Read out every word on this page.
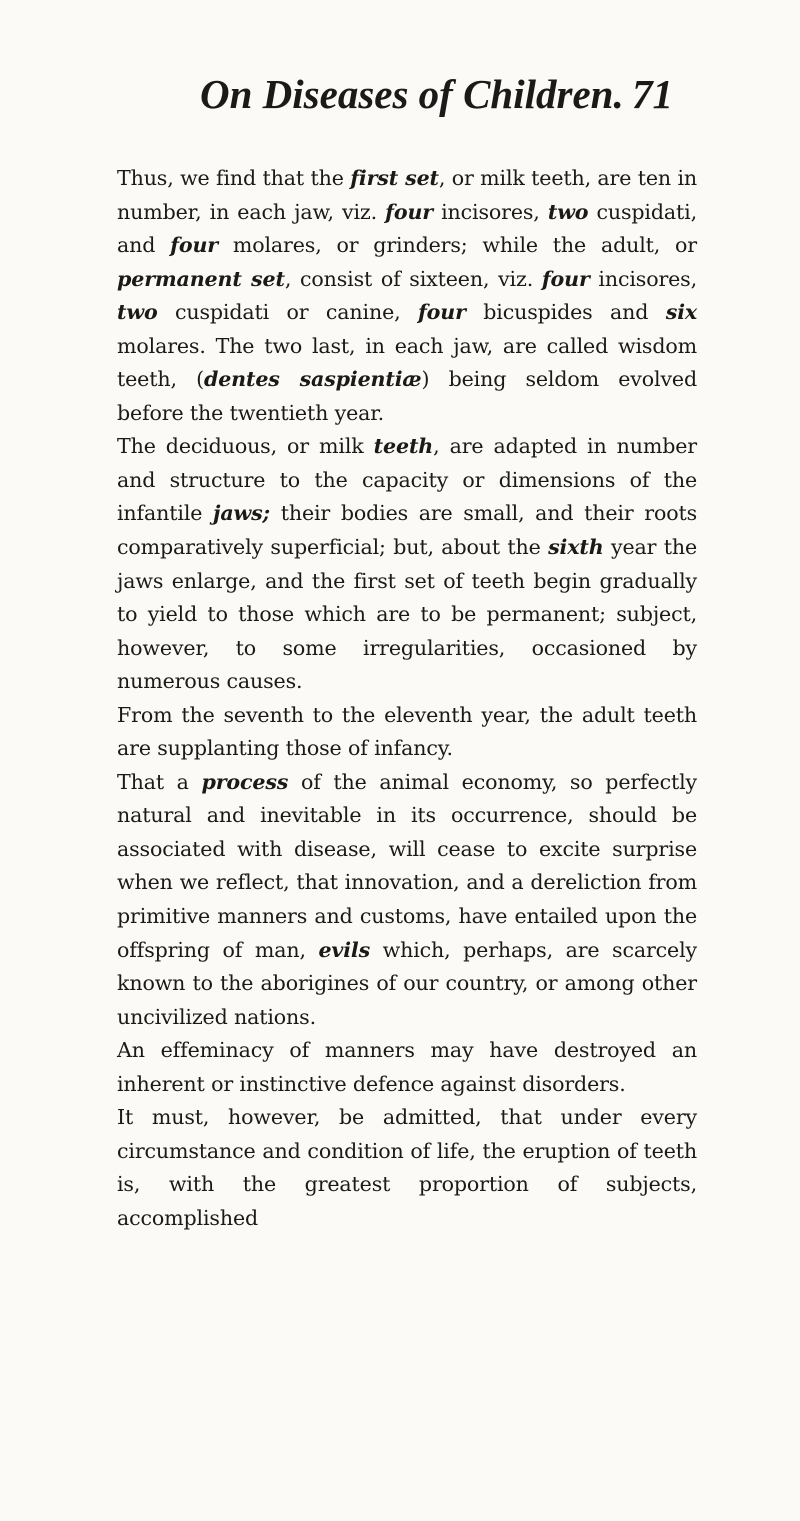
On Diseases of Children. 71

Thus, we find that the first set, or milk teeth, are ten in number, in each jaw, viz. four incisores, two cuspidati, and four molares, or grinders; while the adult, or permanent set, consist of sixteen, viz. four incisores, two cuspidati or canine, four bicuspides and six molares. The two last, in each jaw, are called wisdom teeth, (dentes saspientiæ) being seldom evolved before the twentieth year.

The deciduous, or milk teeth, are adapted in number and structure to the capacity or dimensions of the infantile jaws; their bodies are small, and their roots comparatively superficial; but, about the sixth year the jaws enlarge, and the first set of teeth begin gradually to yield to those which are to be permanent; subject, however, to some irregularities, occasioned by numerous causes.

From the seventh to the eleventh year, the adult teeth are supplanting those of infancy.

That a process of the animal economy, so perfectly natural and inevitable in its occurrence, should be associated with disease, will cease to excite surprise when we reflect, that innovation, and a dereliction from primitive manners and customs, have entailed upon the offspring of man, evils which, perhaps, are scarcely known to the aborigines of our country, or among other uncivilized nations.

An effeminacy of manners may have destroyed an inherent or instinctive defence against disorders.

It must, however, be admitted, that under every circumstance and condition of life, the eruption of teeth is, with the greatest proportion of subjects, accomplished
